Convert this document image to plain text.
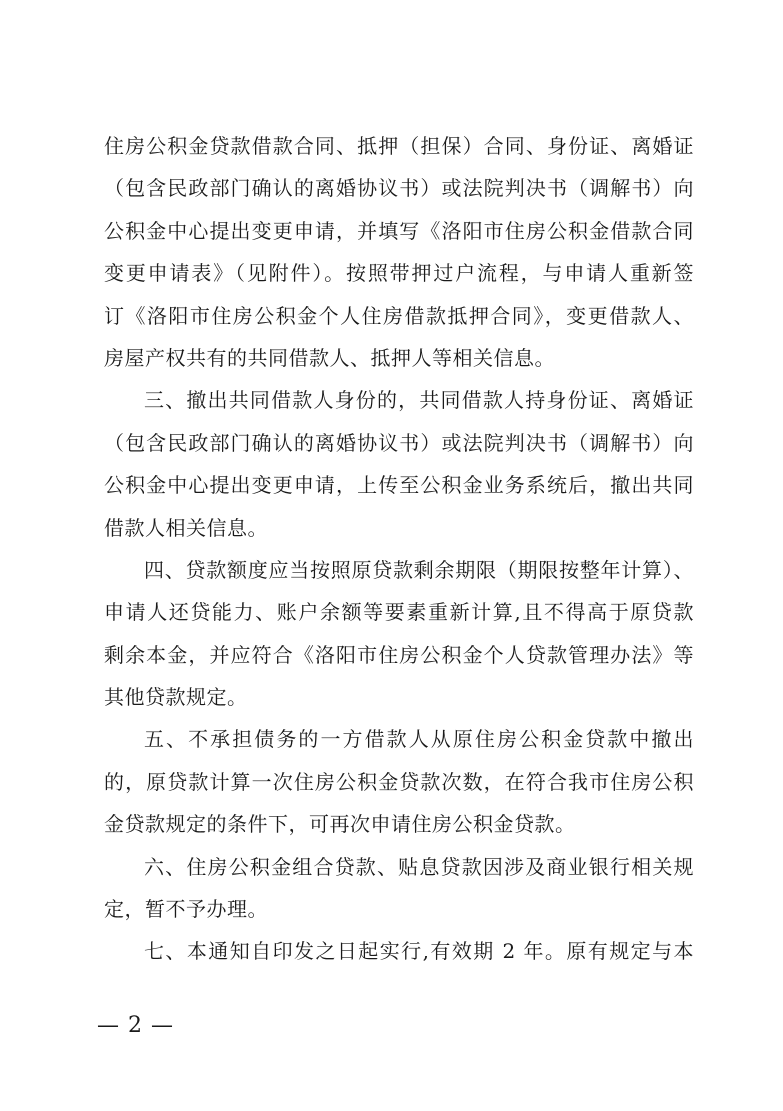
住房公积金贷款借款合同、抵押（担保）合同、身份证、离婚证
（包含民政部门确认的离婚协议书）或法院判决书（调解书）向
公积金中心提出变更申请，并填写《洛阳市住房公积金借款合同
变更申请表》（见附件）。按照带押过户流程，与申请人重新签
订《洛阳市住房公积金个人住房借款抵押合同》，变更借款人、
房屋产权共有的共同借款人、抵押人等相关信息。
三、撤出共同借款人身份的，共同借款人持身份证、离婚证
（包含民政部门确认的离婚协议书）或法院判决书（调解书）向
公积金中心提出变更申请，上传至公积金业务系统后，撤出共同
借款人相关信息。
四、贷款额度应当按照原贷款剩余期限（期限按整年计算）、
申请人还贷能力、账户余额等要素重新计算,且不得高于原贷款
剩余本金，并应符合《洛阳市住房公积金个人贷款管理办法》等
其他贷款规定。
五、不承担债务的一方借款人从原住房公积金贷款中撤出
的，原贷款计算一次住房公积金贷款次数，在符合我市住房公积
金贷款规定的条件下，可再次申请住房公积金贷款。
六、住房公积金组合贷款、贴息贷款因涉及商业银行相关规
定，暂不予办理。
七、本通知自印发之日起实行,有效期 2 年。原有规定与本
— 2 —
